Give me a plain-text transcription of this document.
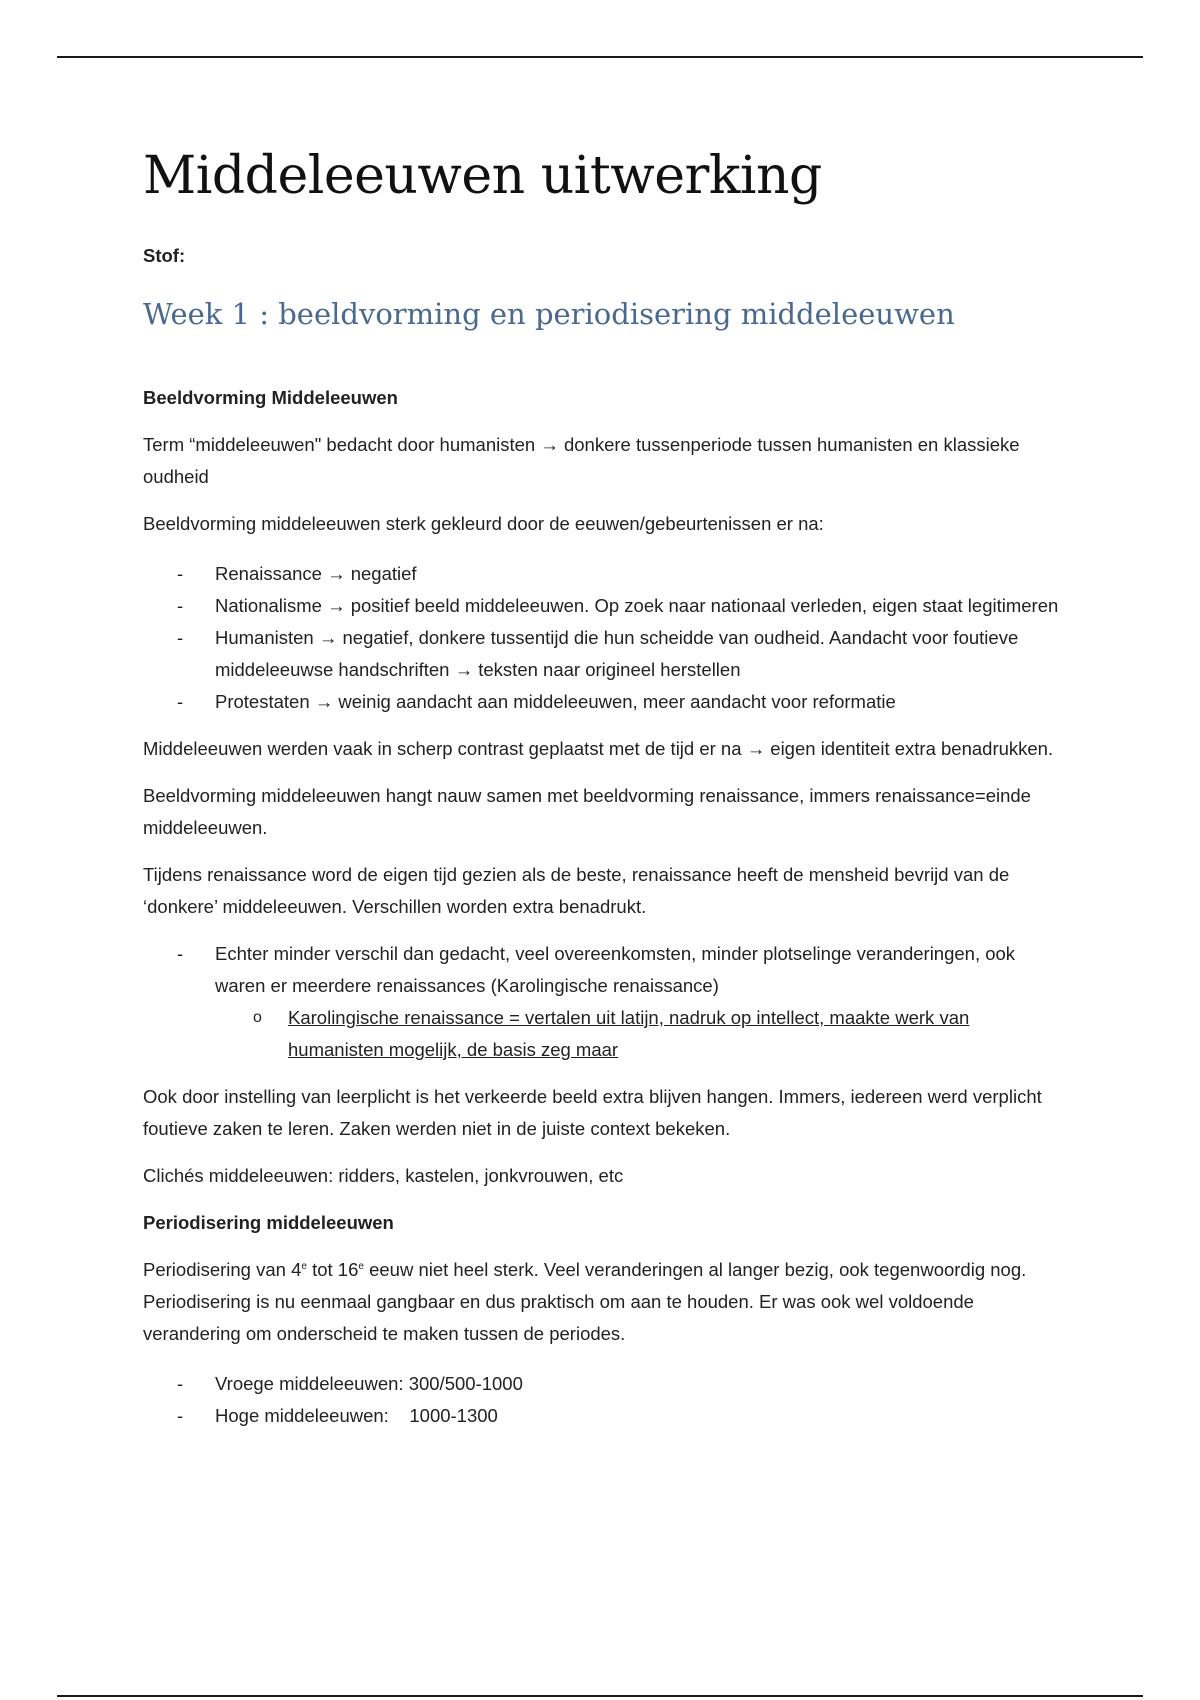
Middeleeuwen uitwerking
Stof:
Week 1 : beeldvorming en periodisering middeleeuwen
Beeldvorming Middeleeuwen

Term “middeleeuwen" bedacht door humanisten → donkere tussenperiode tussen humanisten en klassieke oudheid

Beeldvorming middeleeuwen sterk gekleurd door de eeuwen/gebeurtenissen er na:

- Renaissance → negatief
- Nationalisme → positief beeld middeleeuwen. Op zoek naar nationaal verleden, eigen staat legitimeren
- Humanisten → negatief, donkere tussentijd die hun scheidde van oudheid. Aandacht voor foutieve middeleeuwse handschriften → teksten naar origineel herstellen
- Protestaten → weinig aandacht aan middeleeuwen, meer aandacht voor reformatie

Middeleeuwen werden vaak in scherp contrast geplaatst met de tijd er na → eigen identiteit extra benadrukken.

Beeldvorming middeleeuwen hangt nauw samen met beeldvorming renaissance, immers renaissance=einde middeleeuwen.

Tijdens renaissance word de eigen tijd gezien als de beste, renaissance heeft de mensheid bevrijd van de ‘donkere’ middeleeuwen. Verschillen worden extra benadrukt.

- Echter minder verschil dan gedacht, veel overeenkomsten, minder plotselinge veranderingen, ook waren er meerdere renaissances (Karolingische renaissance)
o Karolingische renaissance = vertalen uit latijn, nadruk op intellect, maakte werk van humanisten mogelijk, de basis zeg maar

Ook door instelling van leerplicht is het verkeerde beeld extra blijven hangen. Immers, iedereen werd verplicht foutieve zaken te leren. Zaken werden niet in de juiste context bekeken.

Clichés middeleeuwen: ridders, kastelen, jonkvrouwen, etc

Periodisering middeleeuwen

Periodisering van 4e tot 16e eeuw niet heel sterk. Veel veranderingen al langer bezig, ook tegenwoordig nog. Periodisering is nu eenmaal gangbaar en dus praktisch om aan te houden. Er was ook wel voldoende verandering om onderscheid te maken tussen de periodes.

- Vroege middeleeuwen: 300/500-1000
- Hoge middeleeuwen:    1000-1300
